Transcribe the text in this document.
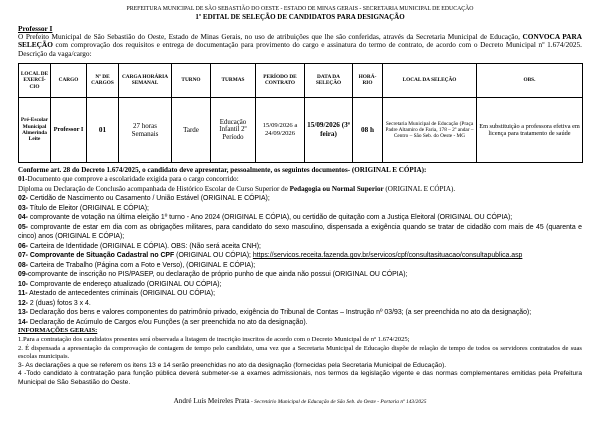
PREFEITURA MUNICIPAL DE SÃO SEBASTIÃO DO OESTE - ESTADO DE MINAS GERAIS - SECRETARIA MUNICIPAL DE EDUCAÇÃO
1º EDITAL DE SELEÇÃO DE CANDIDATOS PARA DESIGNAÇÃO
Professor I
O Prefeito Municipal de São Sebastião do Oeste, Estado de Minas Gerais, no uso de atribuições que lhe são conferidas, através da Secretaria Municipal de Educação, CONVOCA PARA SELEÇÃO com comprovação dos requisitos e entrega de documentação para provimento do cargo e assinatura do termo de contrato, de acordo com o Decreto Municipal nº 1.674/2025. Descrição da vaga/cargo:
LOCAL DE EXERCÍ-CIO	CARGO	Nº DE CARGOS	CARGA HORÁRIA SEMANAL	TURNO	TURMAS	PERÍODO DE CONTRATO	DATA DA SELEÇÃO	HORÁ-RIO	LOCAL DA SELEÇÃO	OBS.
Pré-Escolar Municipal Almerinda Leite	Professor I	01	27 horas Semanais	Tarde	Educação Infantil 2º Período	15/09/2026 a 24/09/2026	15/09/2026 (3ª feira)	08 h	Secretaria Municipal de Educação (Praça Padre Altamiro de Faria, 178 – 2º andar – Centro – São Seb. do Oeste - MG	Em substituição a professora efetiva em licença para tratamento de saúde
Conforme art. 28 do Decreto 1.674/2025, o candidato deve apresentar, pessoalmente, os seguintes documentos- (ORIGINAL E CÓPIA):
01-Documento que comprove a escolaridade exigida para o cargo concorrido:
Diploma ou Declaração de Conclusão acompanhada de Histórico Escolar de Curso Superior de Pedagogia ou Normal Superior (ORIGINAL E CÓPIA).
02- Certidão de Nascimento ou Casamento / União Estável (ORIGINAL E CÓPIA);
03- Título de Eleitor (ORIGINAL E CÓPIA);
04- comprovante de votação na última eleição 1º turno - Ano 2024 (ORIGINAL E CÓPIA), ou certidão de quitação com a Justiça Eleitoral (ORIGINAL OU CÓPIA);
05- comprovante de estar em dia com as obrigações militares, para candidato do sexo masculino, dispensada a exigência quando se tratar de cidadão com mais de 45 (quarenta e cinco) anos (ORIGINAL E CÓPIA);
06- Carteira de Identidade (ORIGINAL E CÓPIA). OBS: (Não será aceita CNH);
07- Comprovante de Situação Cadastral no CPF (ORIGINAL OU CÓPIA); https://servicos.receita.fazenda.gov.br/servicos/cpf/consultasituacao/consultapublica.asp
08- Carteira de Trabalho (Página com a Foto e Verso), (ORIGINAL E CÓPIA);
09-comprovante de inscrição no PIS/PASEP, ou declaração de próprio punho de que ainda não possui (ORIGINAL OU CÓPIA);
10- Comprovante de endereço atualizado (ORIGINAL OU CÓPIA);
11- Atestado de antecedentes criminais (ORIGINAL OU CÓPIA);
12- 2 (duas) fotos 3 x 4.
13- Declaração dos bens e valores componentes do patrimônio privado, exigência do Tribunal de Contas – Instrução nº 03/93; (a ser preenchida no ato da designação);
14- Declaração de Acúmulo de Cargos e/ou Funções (a ser preenchida no ato da designação).
INFORMAÇÕES GERAIS:
1.Para a contratação dos candidatos presentes será observada a listagem de inscrição inscritos de acordo com o Decreto Municipal de nº 1.674/2025;
2. É dispensada a apresentação da comprovação de contagem de tempo pelo candidato, uma vez que a Secretaria Municipal de Educação dispõe de relação de tempo de todos os servidores contratados de suas escolas municipais.
3- As declarações a que se referem os itens 13 e 14 serão preenchidas no ato da designação (fornecidas pela Secretaria Municipal de Educação).
4 -Todo candidato à contratação para função pública deverá submeter-se a exames admissionais, nos termos da legislação vigente e das normas complementares emitidas pela Prefeitura Municipal de São Sebastião do Oeste.
André Luís Meireles Prata - Secretário Municipal de Educação de São Seb. do Oeste - Portaria nº 143/2025
